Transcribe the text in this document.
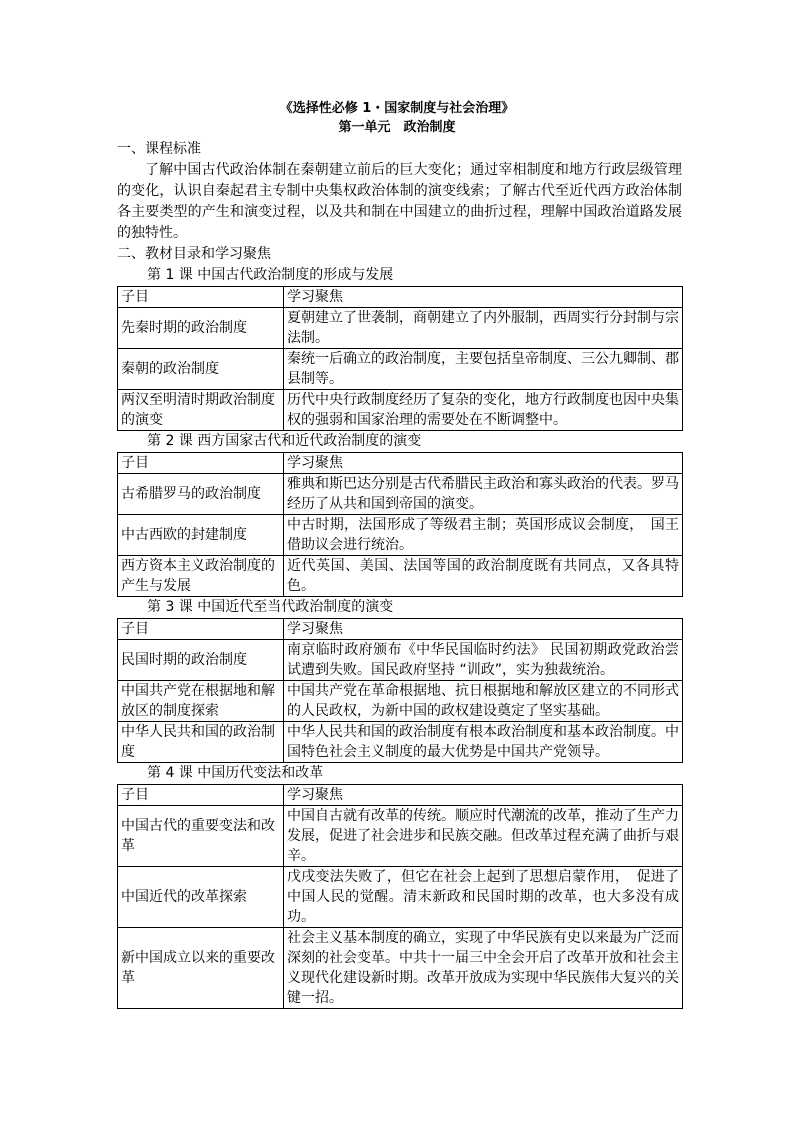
《选择性必修 1・国家制度与社会治理》
第一单元　政治制度

一、课程标准

了解中国古代政治体制在秦朝建立前后的巨大变化；通过宰相制度和地方行政层级管理的变化，认识自秦起君主专制中央集权政治体制的演变线索；了解古代至近代西方政治体制各主要类型的产生和演变过程，以及共和制在中国建立的曲折过程，理解中国政治道路发展的独特性。

二、教材目录和学习聚焦

第 1 课 中国古代政治制度的形成与发展

子目	学习聚焦
先秦时期的政治制度	夏朝建立了世袭制，商朝建立了内外服制，西周实行分封制与宗法制。
秦朝的政治制度	秦统一后确立的政治制度，主要包括皇帝制度、三公九卿制、郡县制等。
两汉至明清时期政治制度的演变	历代中央行政制度经历了复杂的变化，地方行政制度也因中央集权的强弱和国家治理的需要处在不断调整中。

第 2 课 西方国家古代和近代政治制度的演变

子目	学习聚焦
古希腊罗马的政治制度	雅典和斯巴达分别是古代希腊民主政治和寡头政治的代表。罗马经历了从共和国到帝国的演变。
中古西欧的封建制度	中古时期，法国形成了等级君主制；英国形成议会制度，　国王借助议会进行统治。
西方资本主义政治制度的产生与发展	近代英国、美国、法国等国的政治制度既有共同点，又各具特色。

第 3 课 中国近代至当代政治制度的演变

子目	学习聚焦
民国时期的政治制度	南京临时政府颁布《中华民国临时约法》 民国初期政党政治尝试遭到失败。国民政府坚持 “训政”，实为独裁统治。
中国共产党在根据地和解放区的制度探索	中国共产党在革命根据地、抗日根据地和解放区建立的不同形式的人民政权，为新中国的政权建设奠定了坚实基础。
中华人民共和国的政治制度	中华人民共和国的政治制度有根本政治制度和基本政治制度。中国特色社会主义制度的最大优势是中国共产党领导。

第 4 课 中国历代变法和改革

子目	学习聚焦
中国古代的重要变法和改革	中国自古就有改革的传统。顺应时代潮流的改革，推动了生产力发展，促进了社会进步和民族交融。但改革过程充满了曲折与艰辛。
中国近代的改革探索	戊戌变法失败了，但它在社会上起到了思想启蒙作用，　促进了中国人民的觉醒。清末新政和民国时期的改革，也大多没有成功。
新中国成立以来的重要改革	社会主义基本制度的确立，实现了中华民族有史以来最为广泛而深刻的社会变革。中共十一届三中全会开启了改革开放和社会主义现代化建设新时期。改革开放成为实现中华民族伟大复兴的关键一招。
